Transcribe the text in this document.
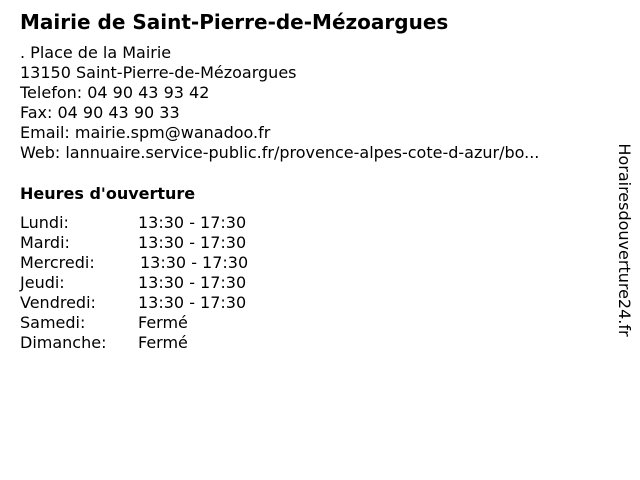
Mairie de Saint-Pierre-de-Mézoargues
. Place de la Mairie
13150 Saint-Pierre-de-Mézoargues
Telefon: 04 90 43 93 42
Fax: 04 90 43 90 33
Email: mairie.spm@wanadoo.fr
Web: lannuaire.service-public.fr/provence-alpes-cote-d-azur/bo...
Heures d'ouverture
Lundi:	13:30 - 17:30
Mardi:	13:30 - 17:30
Mercredi:	13:30 - 17:30
Jeudi:	13:30 - 17:30
Vendredi:	13:30 - 17:30
Samedi:	Fermé
Dimanche: Fermé
Horairesdouverture24.fr
